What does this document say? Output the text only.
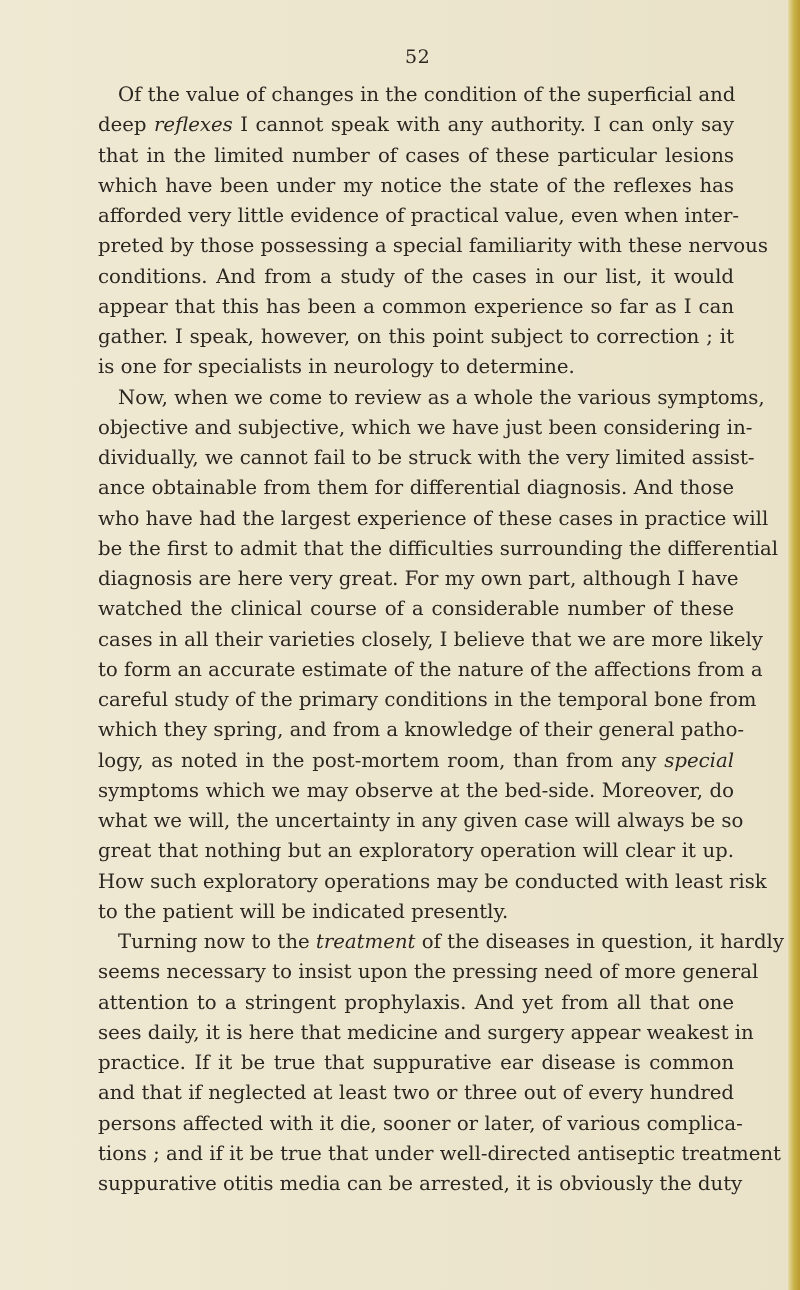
52
Of the value of changes in the condition of the superficial and
deep reflexes I cannot speak with any authority. I can only say
that in the limited number of cases of these particular lesions
which have been under my notice the state of the reflexes has
afforded very little evidence of practical value, even when inter-
preted by those possessing a special familiarity with these nervous
conditions. And from a study of the cases in our list, it would
appear that this has been a common experience so far as I can
gather. I speak, however, on this point subject to correction ; it
is one for specialists in neurology to determine.
Now, when we come to review as a whole the various symptoms,
objective and subjective, which we have just been considering in-
dividually, we cannot fail to be struck with the very limited assist-
ance obtainable from them for differential diagnosis. And those
who have had the largest experience of these cases in practice will
be the first to admit that the difficulties surrounding the differential
diagnosis are here very great. For my own part, although I have
watched the clinical course of a considerable number of these
cases in all their varieties closely, I believe that we are more likely
to form an accurate estimate of the nature of the affections from a
careful study of the primary conditions in the temporal bone from
which they spring, and from a knowledge of their general patho-
logy, as noted in the post-mortem room, than from any special
symptoms which we may observe at the bed-side. Moreover, do
what we will, the uncertainty in any given case will always be so
great that nothing but an exploratory operation will clear it up.
How such exploratory operations may be conducted with least risk
to the patient will be indicated presently.
Turning now to the treatment of the diseases in question, it hardly
seems necessary to insist upon the pressing need of more general
attention to a stringent prophylaxis. And yet from all that one
sees daily, it is here that medicine and surgery appear weakest in
practice. If it be true that suppurative ear disease is common
and that if neglected at least two or three out of every hundred
persons affected with it die, sooner or later, of various complica-
tions ; and if it be true that under well-directed antiseptic treatment
suppurative otitis media can be arrested, it is obviously the duty
